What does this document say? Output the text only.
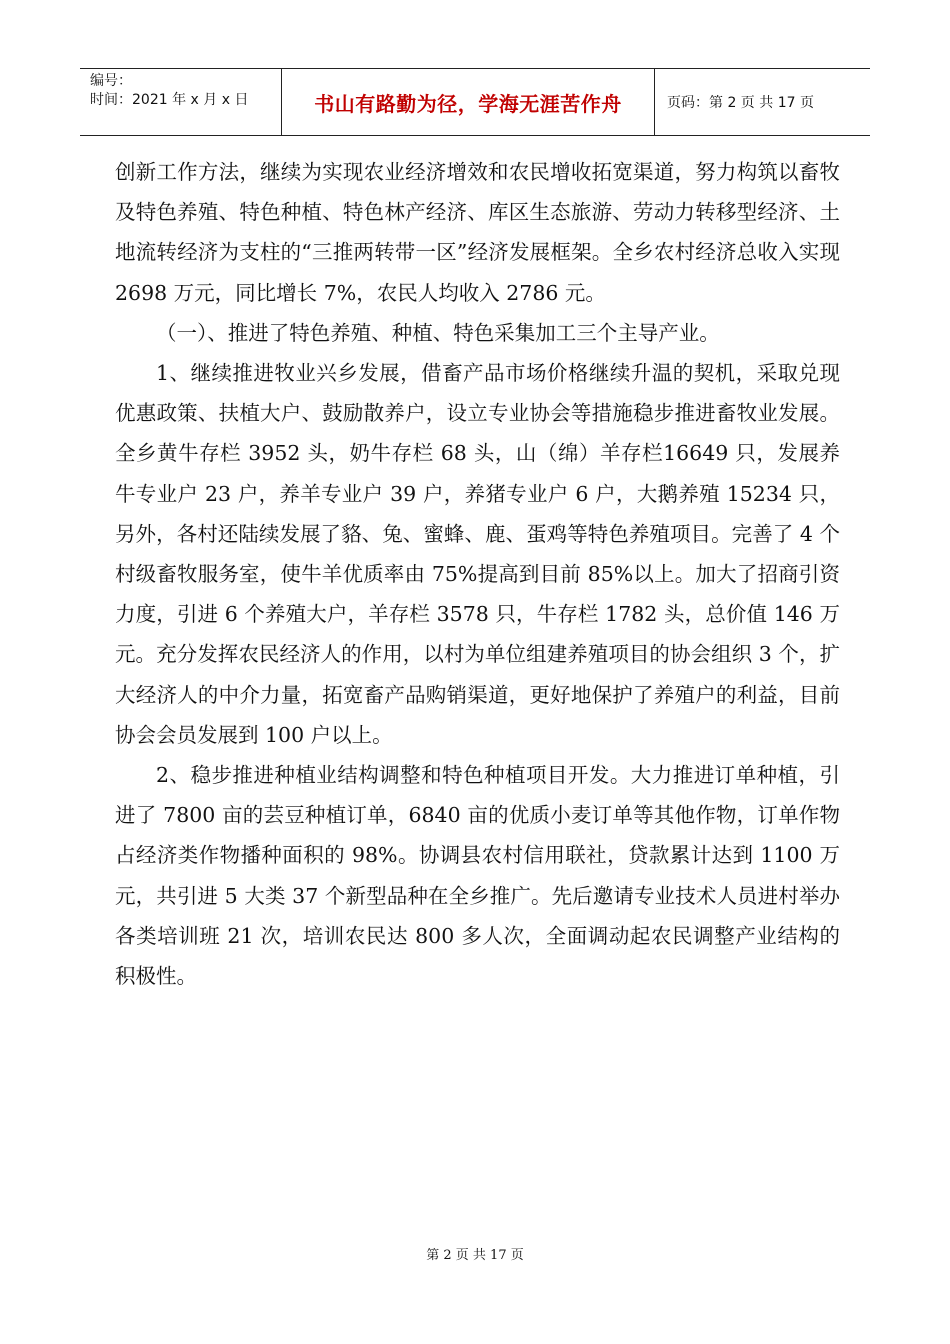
编号：
时间：2021 年 x 月 x 日	书山有路勤为径，学海无涯苦作舟	页码：第 2 页 共 17 页

创新工作方法，继续为实现农业经济增效和农民增收拓宽渠道，努力构筑以畜牧及特色养殖、特色种植、特色林产经济、库区生态旅游、劳动力转移型经济、土地流转经济为支柱的“三推两转带一区”经济发展框架。全乡农村经济总收入实现 2698 万元，同比增长 7%，农民人均收入 2786 元。

（一）、推进了特色养殖、种植、特色采集加工三个主导产业。

1、继续推进牧业兴乡发展，借畜产品市场价格继续升温的契机，采取兑现优惠政策、扶植大户、鼓励散养户，设立专业协会等措施稳步推进畜牧业发展。全乡黄牛存栏 3952 头，奶牛存栏 68 头，山（绵）羊存栏16649 只，发展养牛专业户 23 户，养羊专业户 39 户，养猪专业户 6 户，大鹅养殖 15234 只，另外，各村还陆续发展了貉、兔、蜜蜂、鹿、蛋鸡等特色养殖项目。完善了 4 个村级畜牧服务室，使牛羊优质率由 75%提高到目前 85%以上。加大了招商引资力度，引进 6 个养殖大户，羊存栏 3578 只，牛存栏 1782 头，总价值 146 万元。充分发挥农民经济人的作用，以村为单位组建养殖项目的协会组织 3 个，扩大经济人的中介力量，拓宽畜产品购销渠道，更好地保护了养殖户的利益，目前协会会员发展到 100 户以上。

2、稳步推进种植业结构调整和特色种植项目开发。大力推进订单种植，引进了 7800 亩的芸豆种植订单，6840 亩的优质小麦订单等其他作物，订单作物占经济类作物播种面积的 98%。协调县农村信用联社，贷款累计达到 1100 万元，共引进 5 大类 37 个新型品种在全乡推广。先后邀请专业技术人员进村举办各类培训班 21 次，培训农民达 800 多人次，全面调动起农民调整产业结构的积极性。

第 2 页 共 17 页
